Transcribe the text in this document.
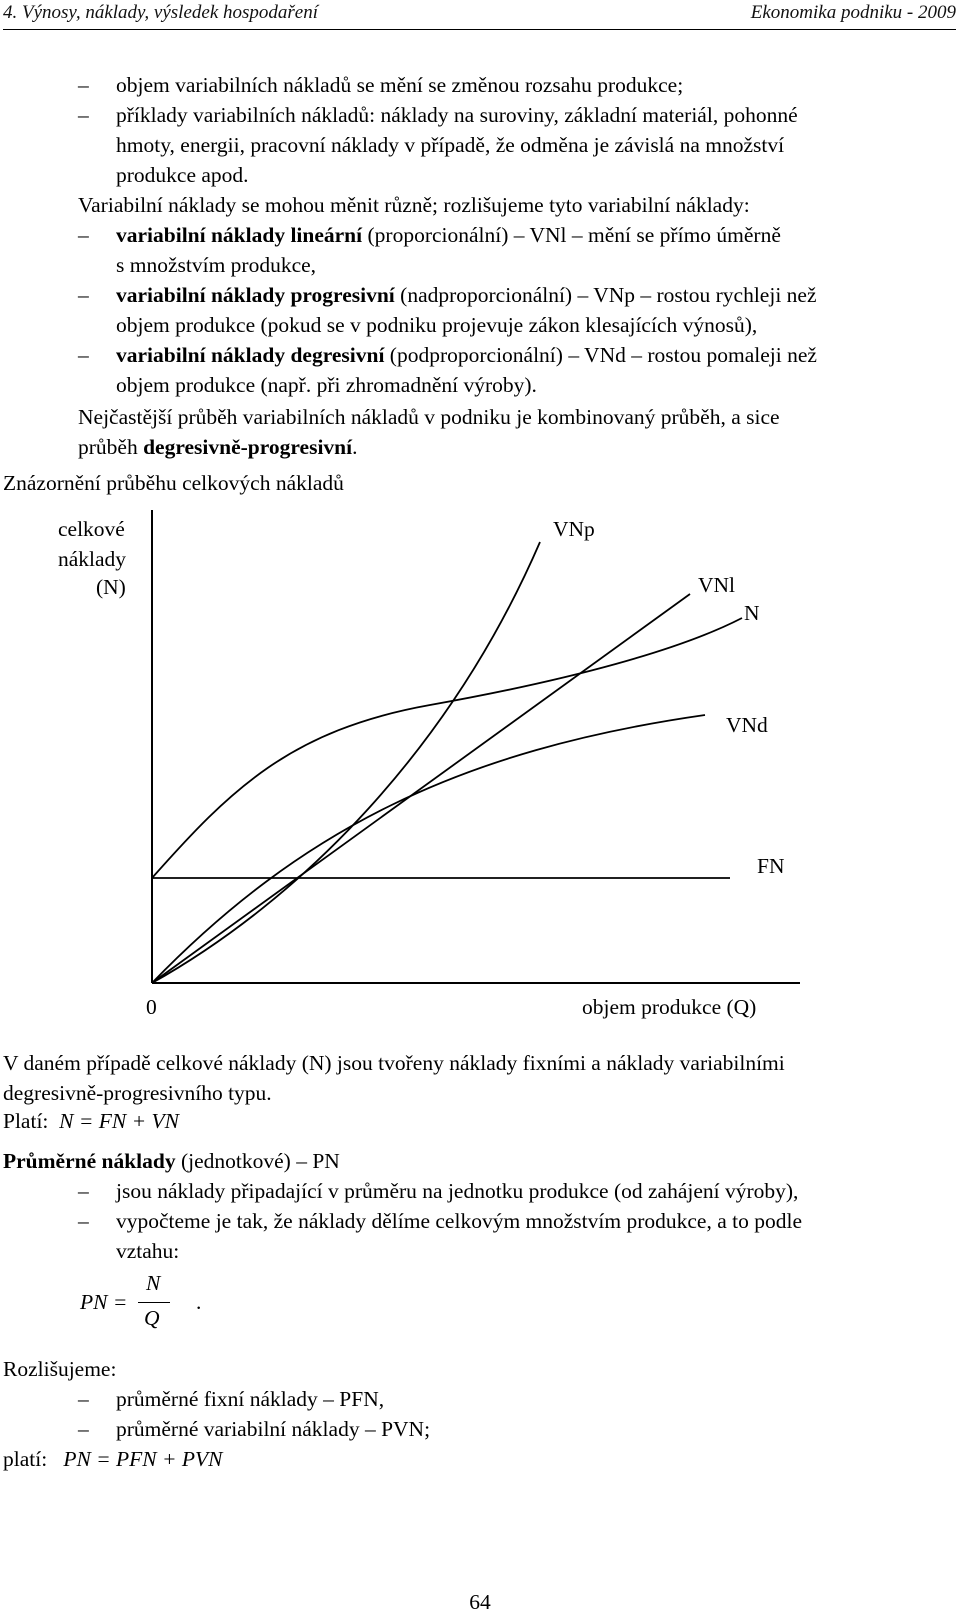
4. Výnosy, náklady, výsledek hospodaření	Ekonomika podniku - 2009
– objem variabilních nákladů se mění se změnou rozsahu produkce;
– příklady variabilních nákladů: náklady na suroviny, základní materiál, pohonné
hmoty, energii, pracovní náklady v případě, že odměna je závislá na množství
produkce apod.
Variabilní náklady se mohou měnit různě; rozlišujeme tyto variabilní náklady:
– variabilní náklady lineární (proporcionální) – VNl – mění se přímo úměrně
s množstvím produkce,
– variabilní náklady progresivní (nadproporcionální) – VNp – rostou rychleji než
objem produkce (pokud se v podniku projevuje zákon klesajících výnosů),
– variabilní náklady degresivní (podproporcionální) – VNd – rostou pomaleji než
objem produkce (např. při zhromadnění výroby).
Nejčastější průběh variabilních nákladů v podniku je kombinovaný průběh, a sice
průběh degresivně-progresivní.
Znázornění průběhu celkových nákladů
celkové
náklady
(N)
VNp
VNl
N
VNd
FN
0	objem produkce (Q)
V daném případě celkové náklady (N) jsou tvořeny náklady fixními a náklady variabilními
degresivně-progresivního typu.
Platí: N = FN + VN
Průměrné náklady (jednotkové) – PN
– jsou náklady připadající v průměru na jednotku produkce (od zahájení výroby),
– vypočteme je tak, že náklady dělíme celkovým množstvím produkce, a to podle
vztahu:
PN =
N
Q
.
Rozlišujeme:
– průměrné fixní náklady – PFN,
– průměrné variabilní náklady – PVN;
platí: PN = PFN + PVN
64
